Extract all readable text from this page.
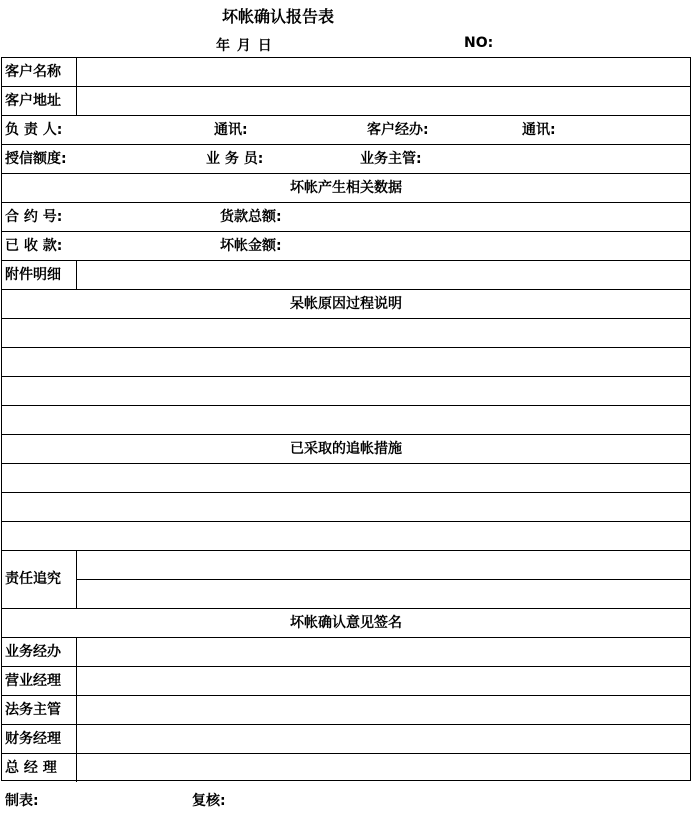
坏帐确认报告表
年 月 日	NO:
客户名称
客户地址
负 责 人:	通讯:	客户经办:	通讯:
授信额度:	业 务 员:	业务主管:
坏帐产生相关数据
合 约 号:	货款总额:
已 收 款:	坏帐金额:
附件明细
呆帐原因过程说明
已采取的追帐措施
责任追究
坏帐确认意见签名
业务经办
营业经理
法务主管
财务经理
总 经 理
制表:	复核:
